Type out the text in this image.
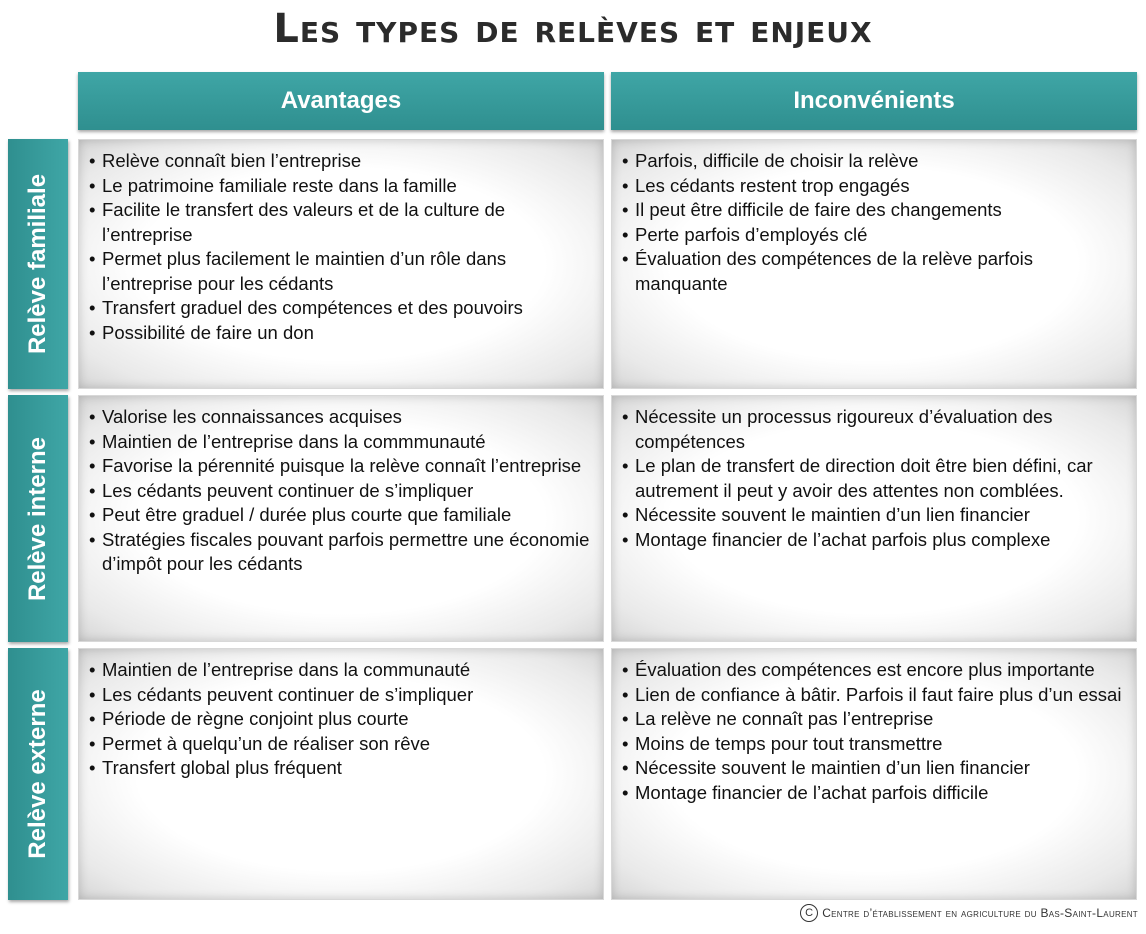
Les types de relèves et enjeux
Avantages	Inconvénients
Relève familiale
• Relève connaît bien l’entreprise
• Le patrimoine familiale reste dans la famille
• Facilite le transfert des valeurs et de la culture de l’entreprise
• Permet plus facilement le maintien d’un rôle dans l’entreprise pour les cédants
• Transfert graduel des compétences et des pouvoirs
• Possibilité de faire un don
• Parfois, difficile de choisir la relève
• Les cédants restent trop engagés
• Il peut être difficile de faire des changements
• Perte parfois d’employés clé
• Évaluation des compétences de la relève parfois manquante
Relève interne
• Valorise les connaissances acquises
• Maintien de l’entreprise dans la commmunauté
• Favorise la pérennité puisque la relève connaît l’entreprise
• Les cédants peuvent continuer de s’impliquer
• Peut être graduel / durée plus courte que familiale
• Stratégies fiscales pouvant parfois permettre une économie d’impôt pour les cédants
• Nécessite un processus rigoureux d’évaluation des compétences
• Le plan de transfert de direction doit être bien défini, car autrement il peut y avoir des attentes non comblées.
• Nécessite souvent le maintien d’un lien financier
• Montage financier de l’achat parfois plus complexe
Relève externe
• Maintien de l’entreprise dans la communauté
• Les cédants peuvent continuer de s’impliquer
• Période de règne conjoint plus courte
• Permet à quelqu’un de réaliser son rêve
• Transfert global plus fréquent
• Évaluation des compétences est encore plus importante
• Lien de confiance à bâtir. Parfois il faut faire plus d’un essai
• La relève ne connaît pas l’entreprise
• Moins de temps pour tout transmettre
• Nécessite souvent le maintien d’un lien financier
• Montage financier de l’achat parfois difficile
C Centre d’établissement en agriculture du Bas-Saint-Laurent
